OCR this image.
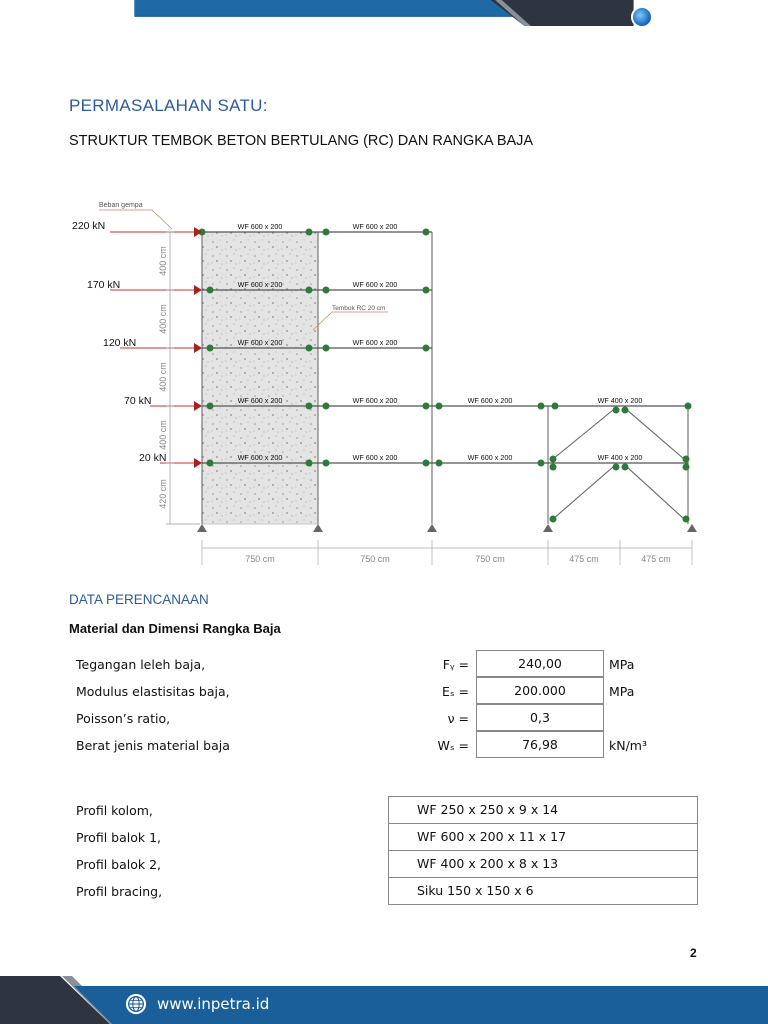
INPETRA ID
PERMASALAHAN SATU:
STRUKTUR TEMBOK BETON BERTULANG (RC) DAN RANGKA BAJA
220 kN
170 kN
120 kN
70 kN
20 kN
Beban gempa
Tembok RC 20 cm
WF 600 x 200	WF 600 x 200
WF 600 x 200	WF 600 x 200
WF 600 x 200	WF 600 x 200
WF 600 x 200	WF 600 x 200	WF 600 x 200	WF 400 x 200
WF 600 x 200	WF 600 x 200	WF 600 x 200	WF 400 x 200
400 cm
400 cm
400 cm
400 cm
420 cm
750 cm	750 cm	750 cm	475 cm	475 cm
DATA PERENCANAAN
Material dan Dimensi Rangka Baja
Tegangan leleh baja,	Fᵧ =	240,00	MPa
Modulus elastisitas baja,	Eₛ =	200.000	MPa
Poisson’s ratio,	ν =	0,3
Berat jenis material baja	Wₛ =	76,98	kN/m³
Profil kolom,	WF 250 x 250 x 9 x 14
Profil balok 1,	WF 600 x 200 x 11 x 17
Profil balok 2,	WF 400 x 200 x 8 x 13
Profil bracing,	Siku 150 x 150 x 6
2
www.inpetra.id
